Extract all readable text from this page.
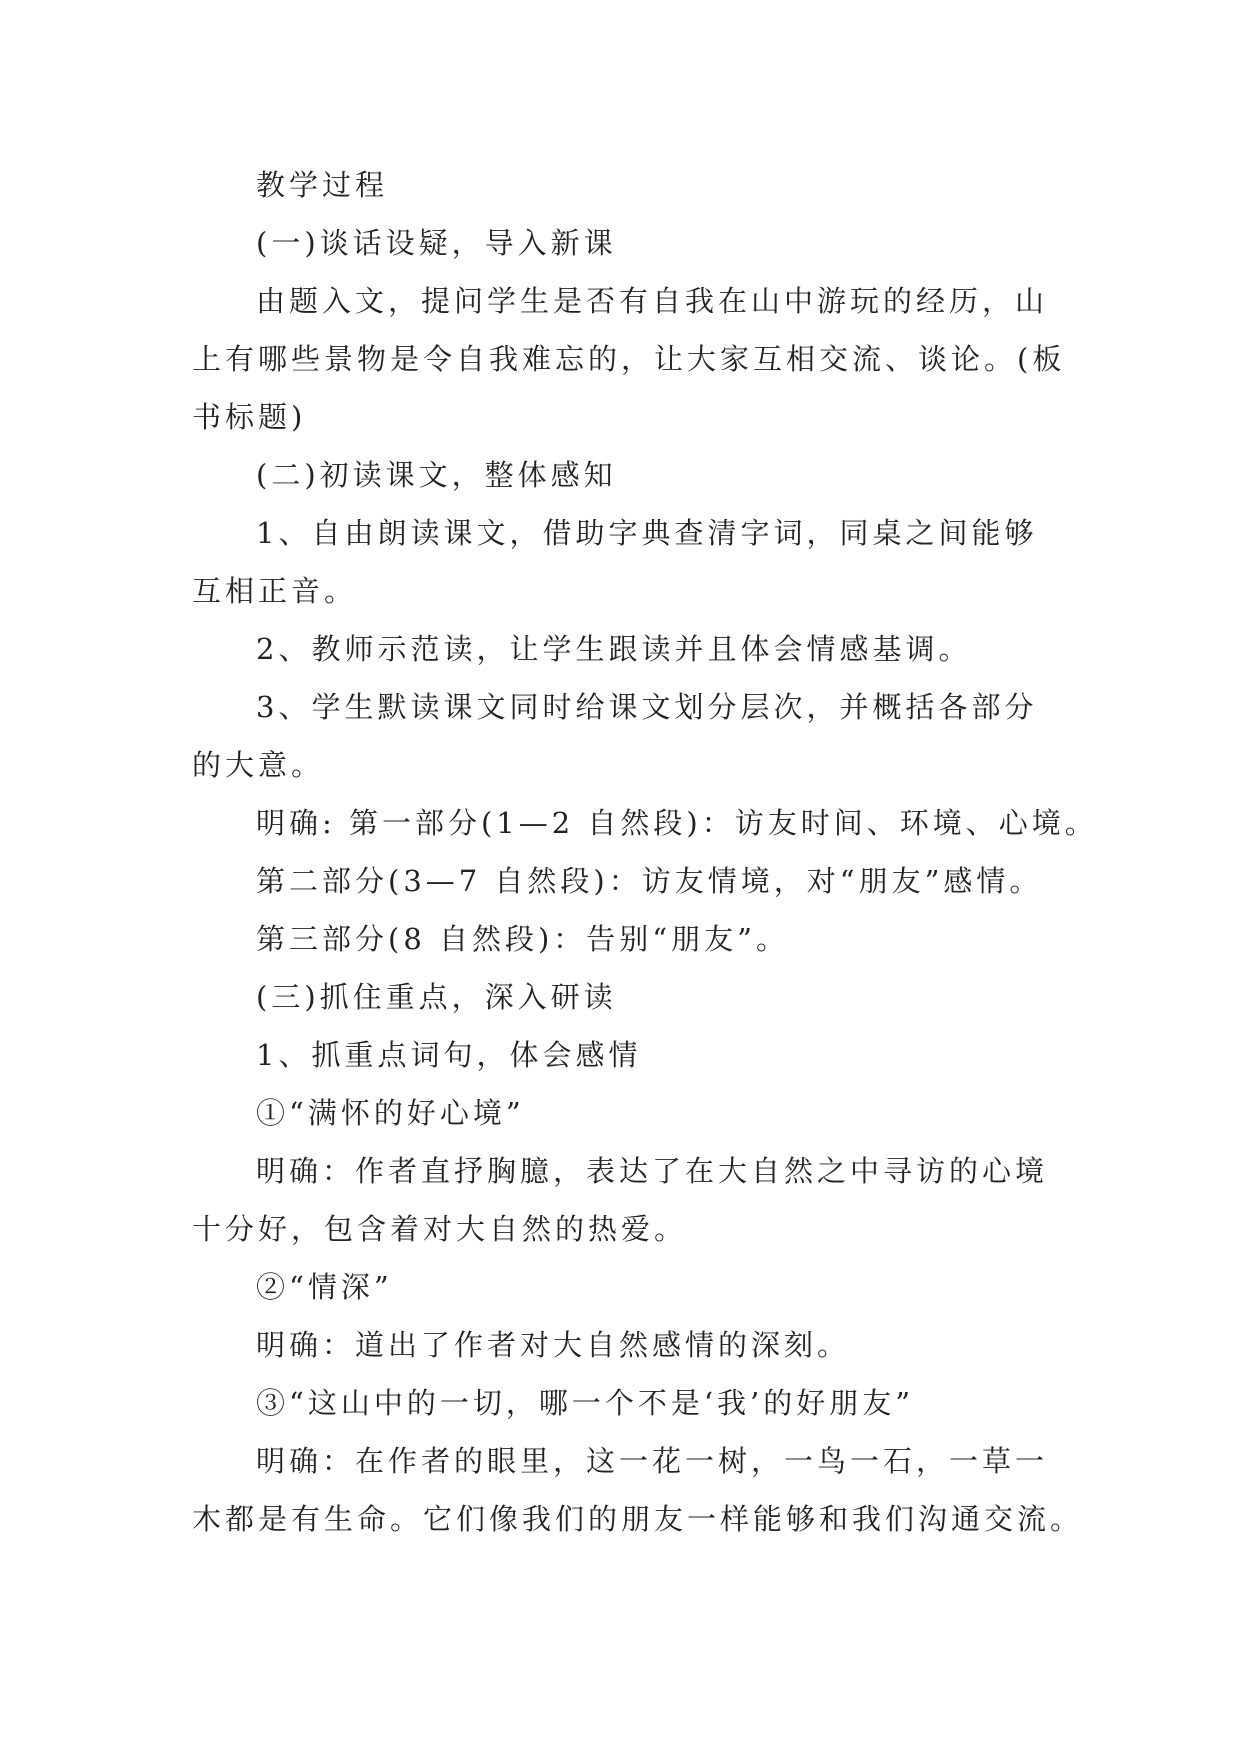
教学过程
(一)谈话设疑，导入新课
由题入文，提问学生是否有自我在山中游玩的经历，山
上有哪些景物是令自我难忘的，让大家互相交流、谈论。(板
书标题)
(二)初读课文，整体感知
1、自由朗读课文，借助字典查清字词，同桌之间能够
互相正音。
2、教师示范读，让学生跟读并且体会情感基调。
3、学生默读课文同时给课文划分层次，并概括各部分
的大意。
明确: 第一部分(1—2 自然段)：访友时间、环境、心境。
第二部分(3—7 自然段)：访友情境，对“朋友”感情。
第三部分(8 自然段)：告别“朋友”。
(三)抓住重点，深入研读
1、抓重点词句，体会感情
①“满怀的好心境”
明确：作者直抒胸臆，表达了在大自然之中寻访的心境
十分好，包含着对大自然的热爱。
②“情深”
明确：道出了作者对大自然感情的深刻。
③“这山中的一切，哪一个不是‘我’的好朋友”
明确：在作者的眼里，这一花一树，一鸟一石，一草一
木都是有生命。它们像我们的朋友一样能够和我们沟通交流。
